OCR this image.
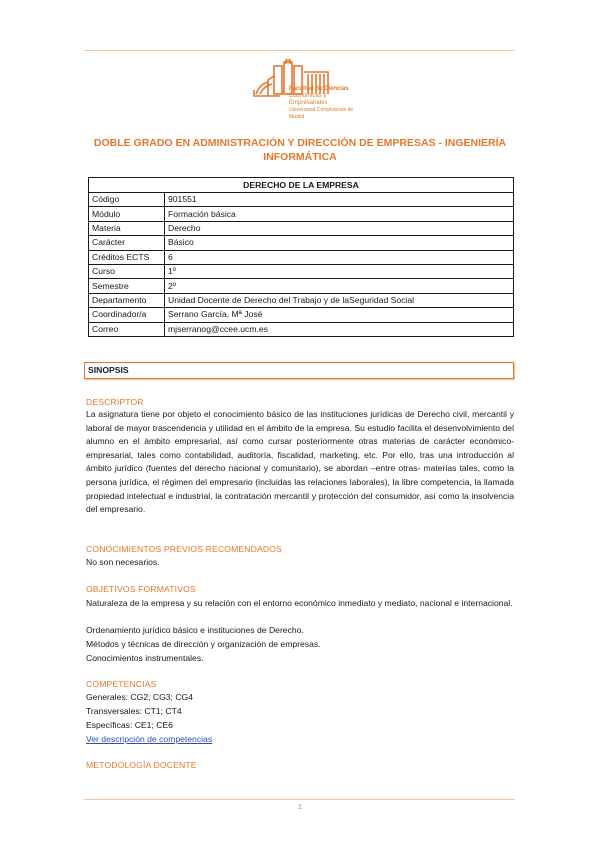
Facultad de Ciencias
Económicas y Empresariales
Universidad Complutense de Madrid
DOBLE GRADO EN ADMINISTRACIÓN Y DIRECCIÓN DE EMPRESAS - INGENIERÍA INFORMÁTICA
DERECHO DE LA EMPRESA	
Código	901551
Módulo	Formación básica
Materia	Derecho
Carácter	Básico
Créditos ECTS	6
Curso	1º
Semestre	2º
Departamento	Unidad Docente de Derecho del Trabajo y de laSeguridad Social
Coordinador/a	Serrano García, Mª José
Correo	mjserranog@ccee.ucm.es
SINOPSIS
DESCRIPTOR
La asignatura tiene por objeto el conocimiento básico de las instituciones jurídicas de Derecho civil, mercantil y laboral de mayor trascendencia y utilidad en el ámbito de la empresa. Su estudio facilita el desenvolvimiento del alumno en el ámbito empresarial, así como cursar posteriormente otras materias de carácter económico-empresarial, tales como contabilidad, auditoría, fiscalidad, marketing, etc. Por ello, tras una introducción al ámbito jurídico (fuentes del derecho nacional y comunitario), se abordan –entre otras- materias tales, como la persona jurídica, el régimen del empresario (incluidas las relaciones laborales), la libre competencia, la llamada propiedad intelectual e industrial, la contratación mercantil y protección del consumidor, así como la insolvencia del empresario.
CONOCIMIENTOS PREVIOS RECOMENDADOS
No son necesarios.
OBJETIVOS FORMATIVOS
Naturaleza de la empresa y su relación con el entorno económico inmediato y mediato, nacional e internacional.
Ordenamiento jurídico básico e instituciones de Derecho.
Métodos y técnicas de dirección y organización de empresas.
Conocimientos instrumentales.
COMPETENCIAS
Generales: CG2; CG3; CG4
Transversales: CT1; CT4
Específicas: CE1; CE6
Ver descripción de competencias
METODOLOGÍA DOCENTE
1
